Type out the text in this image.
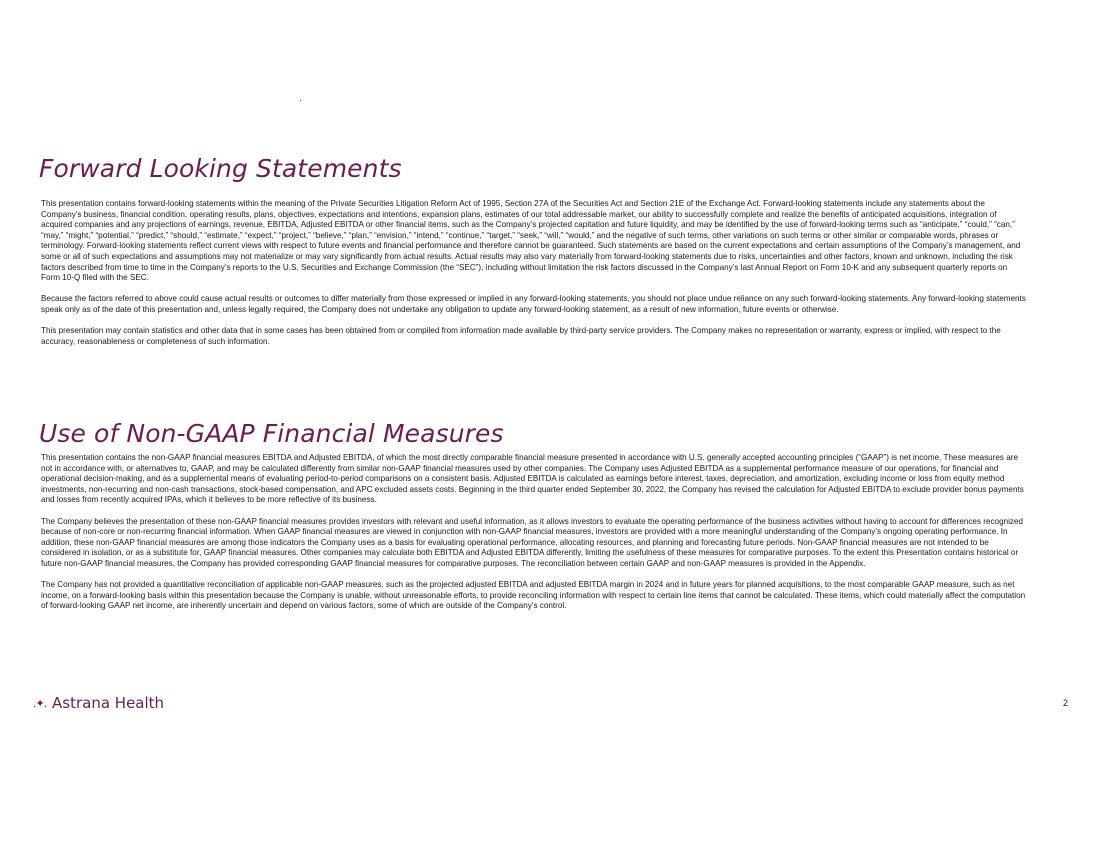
Forward Looking Statements

This presentation contains forward-looking statements within the meaning of the Private Securities Litigation Reform Act of 1995, Section 27A of the Securities Act and Section 21E of the Exchange Act. Forward-looking statements include any statements about the Company’s business, financial condition, operating results, plans, objectives, expectations and intentions, expansion plans, estimates of our total addressable market, our ability to successfully complete and realize the benefits of anticipated acquisitions, integration of acquired companies and any projections of earnings, revenue, EBITDA, Adjusted EBITDA or other financial items, such as the Company’s projected capitation and future liquidity, and may be identified by the use of forward-looking terms such as “anticipate,” “could,” “can,” “may,” “might,” “potential,” “predict,” “should,” “estimate,” “expect,” “project,” “believe,” “plan,” “envision,” “intend,” “continue,” “target,” “seek,” “will,” “would,” and the negative of such terms, other variations on such terms or other similar or comparable words, phrases or terminology. Forward-looking statements reflect current views with respect to future events and financial performance and therefore cannot be guaranteed. Such statements are based on the current expectations and certain assumptions of the Company’s management, and some or all of such expectations and assumptions may not materialize or may vary significantly from actual results. Actual results may also vary materially from forward-looking statements due to risks, uncertainties and other factors, known and unknown, including the risk factors described from time to time in the Company’s reports to the U.S. Securities and Exchange Commission (the “SEC”), including without limitation the risk factors discussed in the Company’s last Annual Report on Form 10-K and any subsequent quarterly reports on Form 10-Q filed with the SEC.

Because the factors referred to above could cause actual results or outcomes to differ materially from those expressed or implied in any forward-looking statements, you should not place undue reliance on any such forward-looking statements. Any forward-looking statements speak only as of the date of this presentation and, unless legally required, the Company does not undertake any obligation to update any forward-looking statement, as a result of new information, future events or otherwise.

This presentation may contain statistics and other data that in some cases has been obtained from or compiled from information made available by third-party service providers. The Company makes no representation or warranty, express or implied, with respect to the accuracy, reasonableness or completeness of such information.

Use of Non-GAAP Financial Measures

This presentation contains the non-GAAP financial measures EBITDA and Adjusted EBITDA, of which the most directly comparable financial measure presented in accordance with U.S. generally accepted accounting principles (“GAAP”) is net income. These measures are not in accordance with, or alternatives to, GAAP, and may be calculated differently from similar non-GAAP financial measures used by other companies. The Company uses Adjusted EBITDA as a supplemental performance measure of our operations, for financial and operational decision-making, and as a supplemental means of evaluating period-to-period comparisons on a consistent basis. Adjusted EBITDA is calculated as earnings before interest, taxes, depreciation, and amortization, excluding income or loss from equity method investments, non-recurring and non-cash transactions, stock-based compensation, and APC excluded assets costs. Beginning in the third quarter ended September 30, 2022, the Company has revised the calculation for Adjusted EBITDA to exclude provider bonus payments and losses from recently acquired IPAs, which it believes to be more reflective of its business.

The Company believes the presentation of these non-GAAP financial measures provides investors with relevant and useful information, as it allows investors to evaluate the operating performance of the business activities without having to account for differences recognized because of non-core or non-recurring financial information. When GAAP financial measures are viewed in conjunction with non-GAAP financial measures, investors are provided with a more meaningful understanding of the Company’s ongoing operating performance. In addition, these non-GAAP financial measures are among those indicators the Company uses as a basis for evaluating operational performance, allocating resources, and planning and forecasting future periods. Non-GAAP financial measures are not intended to be considered in isolation, or as a substitute for, GAAP financial measures. Other companies may calculate both EBITDA and Adjusted EBITDA differently, limiting the usefulness of these measures for comparative purposes. To the extent this Presentation contains historical or future non-GAAP financial measures, the Company has provided corresponding GAAP financial measures for comparative purposes. The reconciliation between certain GAAP and non-GAAP measures is provided in the Appendix.

The Company has not provided a quantitative reconciliation of applicable non-GAAP measures, such as the projected adjusted EBITDA and adjusted EBITDA margin in 2024 and in future years for planned acquisitions, to the most comparable GAAP measure, such as net income, on a forward-looking basis within this presentation because the Company is unable, without unreasonable efforts, to provide reconciling information with respect to certain line items that cannot be calculated. These items, which could materially affect the computation of forward-looking GAAP net income, are inherently uncertain and depend on various factors, some of which are outside of the Company’s control.

.✦. Astrana Health	2
